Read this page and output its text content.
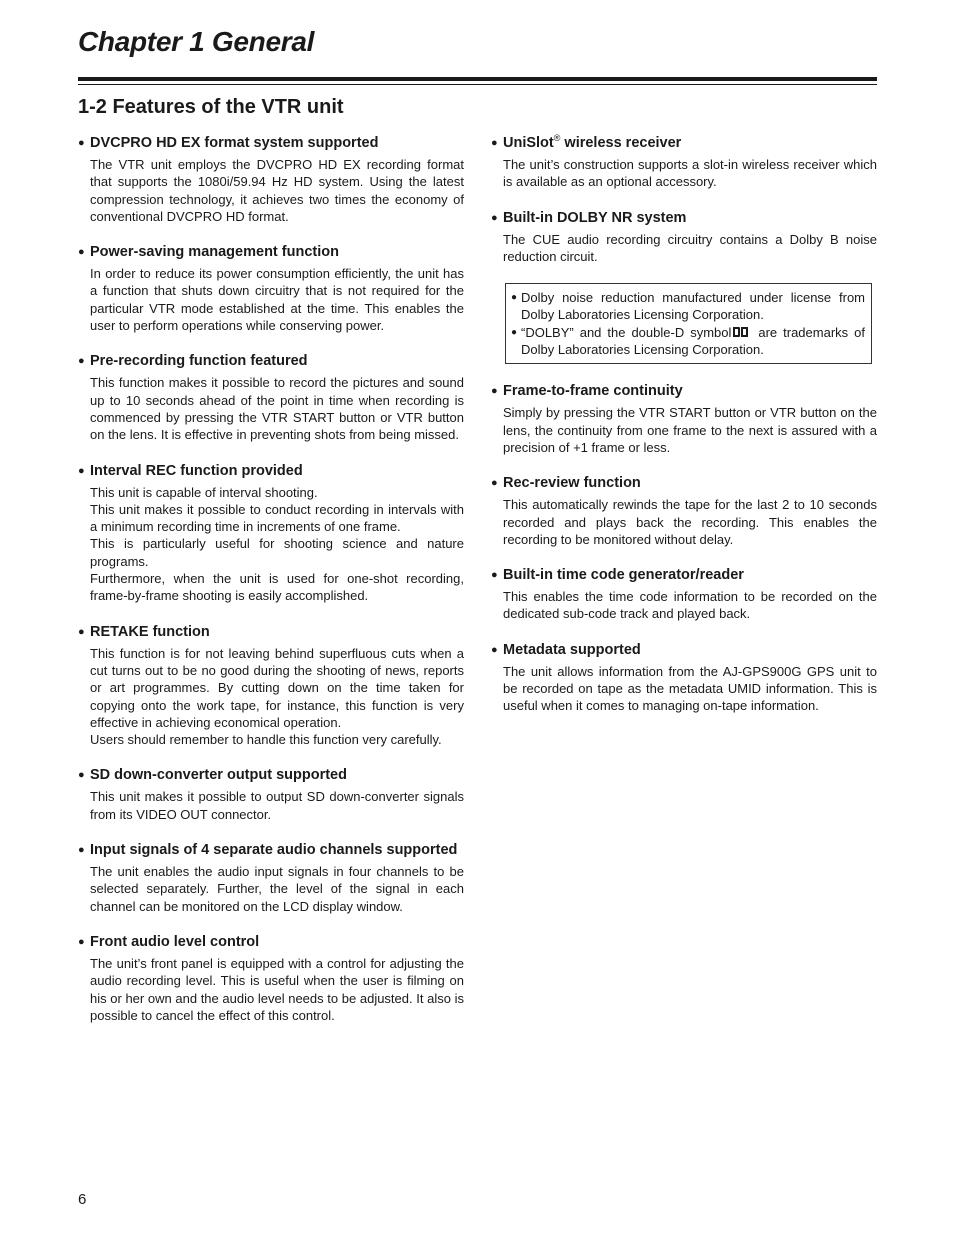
Chapter 1 General
1-2 Features of the VTR unit
● DVCPRO HD EX format system supported

The VTR unit employs the DVCPRO HD EX recording format that supports the 1080i/59.94 Hz HD system. Using the latest compression technology, it achieves two times the economy of conventional DVCPRO HD format.

● Power-saving management function

In order to reduce its power consumption efficiently, the unit has a function that shuts down circuitry that is not required for the particular VTR mode established at the time. This enables the user to perform operations while conserving power.

● Pre-recording function featured

This function makes it possible to record the pictures and sound up to 10 seconds ahead of the point in time when recording is commenced by pressing the VTR START button or VTR button on the lens. It is effective in preventing shots from being missed.

● Interval REC function provided

This unit is capable of interval shooting.

This unit makes it possible to conduct recording in intervals with a minimum recording time in increments of one frame.

This is particularly useful for shooting science and nature programs.

Furthermore, when the unit is used for one-shot recording, frame-by-frame shooting is easily accomplished.

● RETAKE function

This function is for not leaving behind superfluous cuts when a cut turns out to be no good during the shooting of news, reports or art programmes. By cutting down on the time taken for copying onto the work tape, for instance, this function is very effective in achieving economical operation.

Users should remember to handle this function very carefully.

● SD down-converter output supported

This unit makes it possible to output SD down-converter signals from its VIDEO OUT connector.

● Input signals of 4 separate audio channels supported

The unit enables the audio input signals in four channels to be selected separately. Further, the level of the signal in each channel can be monitored on the LCD display window.

● Front audio level control

The unit’s front panel is equipped with a control for adjusting the audio recording level. This is useful when the user is filming on his or her own and the audio level needs to be adjusted. It also is possible to cancel the effect of this control.

● UniSlot® wireless receiver

The unit’s construction supports a slot-in wireless receiver which is available as an optional accessory.

● Built-in DOLBY NR system

The CUE audio recording circuitry contains a Dolby B noise reduction circuit.

● Dolby noise reduction manufactured under license from Dolby Laboratories Licensing Corporation.
● “DOLBY” and the double-D symbol
are trademarks of Dolby Laboratories Licensing Corporation.
● Frame-to-frame continuity

Simply by pressing the VTR START button or VTR button on the lens, the continuity from one frame to the next is assured with a precision of +1 frame or less.

● Rec-review function

This automatically rewinds the tape for the last 2 to 10 seconds recorded and plays back the recording. This enables the recording to be monitored without delay.

● Built-in time code generator/reader

This enables the time code information to be recorded on the dedicated sub-code track and played back.

● Metadata supported

The unit allows information from the AJ-GPS900G GPS unit to be recorded on tape as the metadata UMID information. This is useful when it comes to managing on-tape information.

6
